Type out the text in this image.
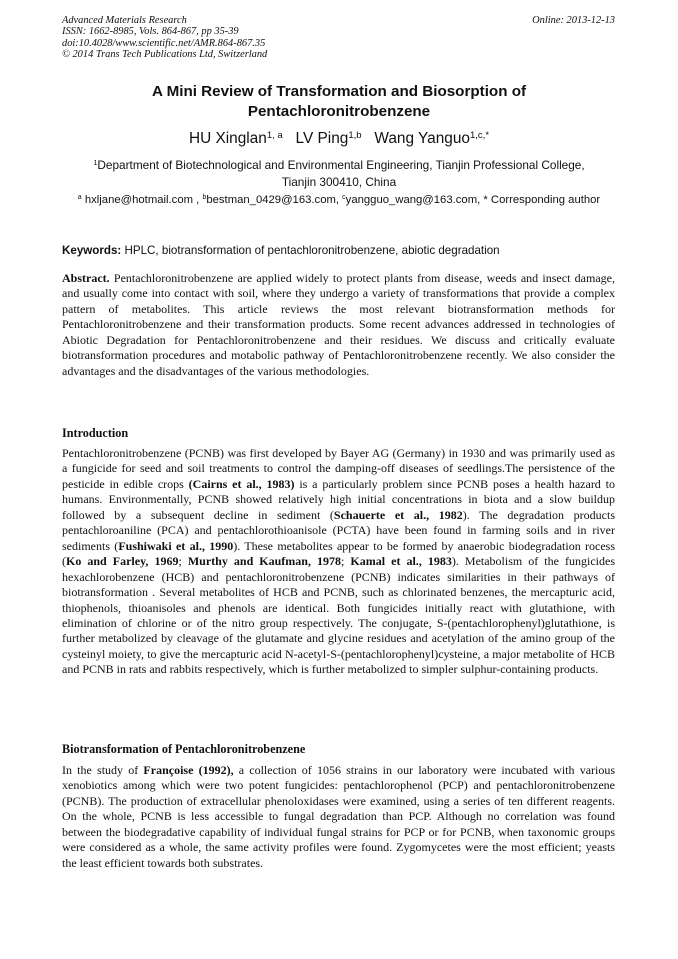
Advanced Materials Research
ISSN: 1662-8985, Vols. 864-867, pp 35-39
doi:10.4028/www.scientific.net/AMR.864-867.35
© 2014 Trans Tech Publications Ltd, Switzerland
Online: 2013-12-13
A Mini Review of Transformation and Biosorption of
Pentachloronitrobenzene
HU Xinglan$^{1, a}$ LV Ping$^{1,b}$ Wang Yanguo$^{1,c,*}$
$^1$Department of Biotechnological and Environmental Engineering, Tianjin Professional College,
Tianjin 300410, China
$^a$ hxljane@hotmail.com , $^b$bestman_0429@163.com, $^c$yangguo_wang@163.com, * Corresponding author
Keywords: HPLC, biotransformation of pentachloronitrobenzene, abiotic degradation
Abstract. Pentachloronitrobenzene are applied widely to protect plants from disease, weeds and insect damage, and usually come into contact with soil, where they undergo a variety of transformations that provide a complex pattern of metabolites. This article reviews the most relevant biotransformation methods for Pentachloronitrobenzene and their transformation products. Some recent advances addressed in technologies of Abiotic Degradation for Pentachloronitrobenzene and their residues. We discuss and critically evaluate biotransformation procedures and motabolic pathway of Pentachloronitrobenzene recently. We also consider the advantages and the disadvantages of the various methodologies.
Introduction
Pentachloronitrobenzene (PCNB) was first developed by Bayer AG (Germany) in 1930 and was primarily used as a fungicide for seed and soil treatments to control the damping-off diseases of seedlings.The persistence of the pesticide in edible crops (Cairns et al., 1983) is a particularly problem since PCNB poses a health hazard to humans. Environmentally, PCNB showed relatively high initial concentrations in biota and a slow buildup followed by a subsequent decline in sediment (Schauerte et al., 1982). The degradation products pentachloroaniline (PCA) and pentachlorothioanisole (PCTA) have been found in farming soils and in river sediments (Fushiwaki et al., 1990). These metabolites appear to be formed by anaerobic biodegradation rocess (Ko and Farley, 1969; Murthy and Kaufman, 1978; Kamal et al., 1983). Metabolism of the fungicides hexachlorobenzene (HCB) and pentachloronitrobenzene (PCNB) indicates similarities in their pathways of biotransformation . Several metabolites of HCB and PCNB, such as chlorinated benzenes, the mercapturic acid, thiophenols, thioanisoles and phenols are identical. Both fungicides initially react with glutathione, with elimination of chlorine or of the nitro group respectively. The conjugate, S-(pentachlorophenyl)glutathione, is further metabolized by cleavage of the glutamate and glycine residues and acetylation of the amino group of the cysteinyl moiety, to give the mercapturic acid N-acetyl-S-(pentachlorophenyl)cysteine, a major metabolite of HCB and PCNB in rats and rabbits respectively, which is further metabolized to simpler sulphur-containing products.
Biotransformation of Pentachloronitrobenzene
In the study of Françoise (1992), a collection of 1056 strains in our laboratory were incubated with various xenobiotics among which were two potent fungicides: pentachlorophenol (PCP) and pentachloronitrobenzene (PCNB). The production of extracellular phenoloxidases were examined, using a series of ten different reagents. On the whole, PCNB is less accessible to fungal degradation than PCP. Although no correlation was found between the biodegradative capability of individual fungal strains for PCP or for PCNB, when taxonomic groups were considered as a whole, the same activity profiles were found. Zygomycetes were the most efficient; yeasts the least efficient towards both substrates.
